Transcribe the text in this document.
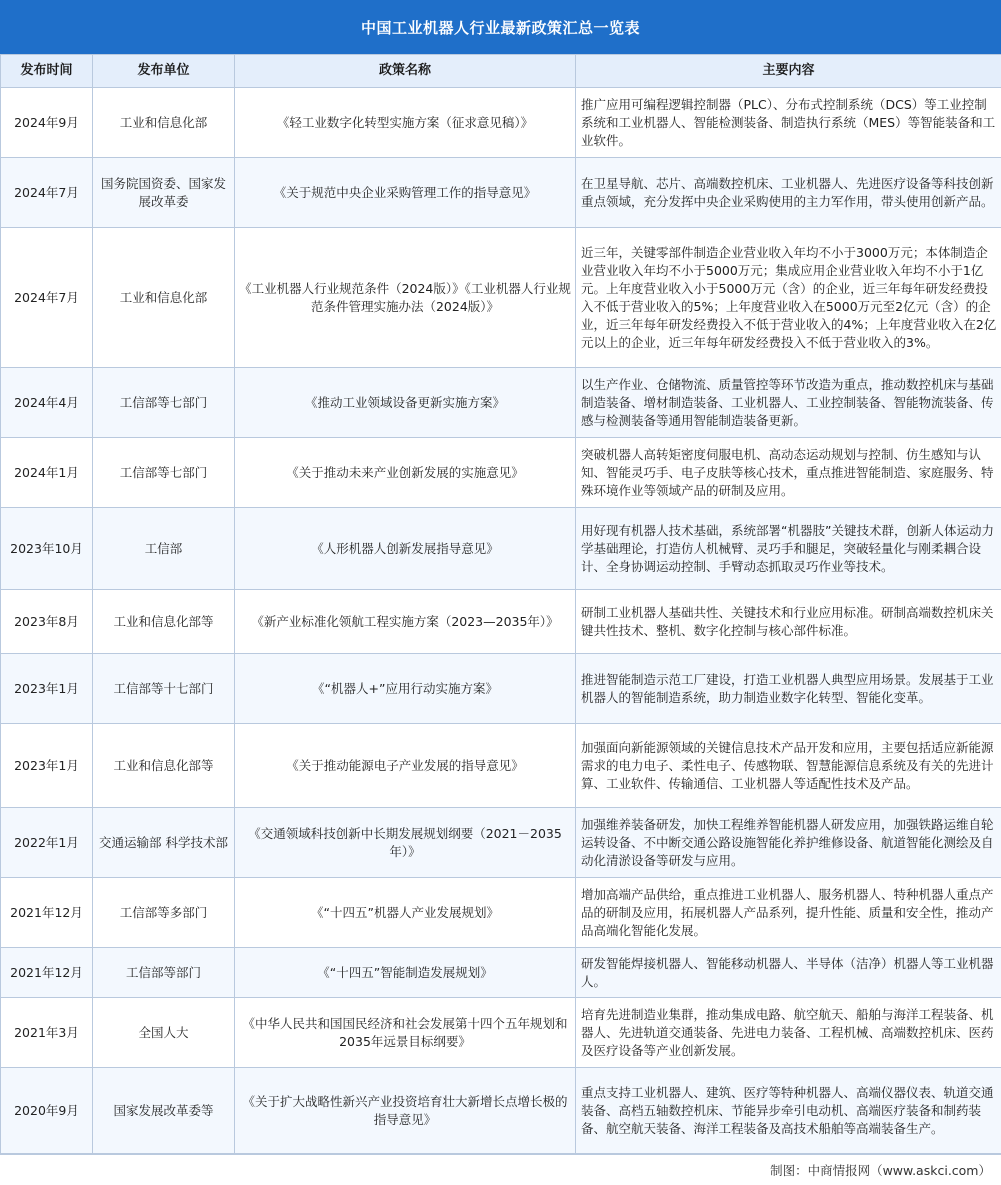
中国工业机器人行业最新政策汇总一览表
发布时间	发布单位	政策名称	主要内容
2024年9月	工业和信息化部	《轻工业数字化转型实施方案（征求意见稿）》	推广应用可编程逻辑控制器（PLC）、分布式控制系统（DCS）等工业控制系统和工业机器人、智能检测装备、制造执行系统（MES）等智能装备和工业软件。
2024年7月	国务院国资委、国家发展改革委	《关于规范中央企业采购管理工作的指导意见》	在卫星导航、芯片、高端数控机床、工业机器人、先进医疗设备等科技创新重点领域，充分发挥中央企业采购使用的主力军作用，带头使用创新产品。
2024年7月	工业和信息化部	《工业机器人行业规范条件（2024版）》《工业机器人行业规范条件管理实施办法（2024版）》	近三年，关键零部件制造企业营业收入年均不小于3000万元；本体制造企业营业收入年均不小于5000万元；集成应用企业营业收入年均不小于1亿元。上年度营业收入小于5000万元（含）的企业，近三年每年研发经费投入不低于营业收入的5%；上年度营业收入在5000万元至2亿元（含）的企业，近三年每年研发经费投入不低于营业收入的4%；上年度营业收入在2亿元以上的企业，近三年每年研发经费投入不低于营业收入的3%。
2024年4月	工信部等七部门	《推动工业领域设备更新实施方案》	以生产作业、仓储物流、质量管控等环节改造为重点，推动数控机床与基础制造装备、增材制造装备、工业机器人、工业控制装备、智能物流装备、传感与检测装备等通用智能制造装备更新。
2024年1月	工信部等七部门	《关于推动未来产业创新发展的实施意见》	突破机器人高转矩密度伺服电机、高动态运动规划与控制、仿生感知与认知、智能灵巧手、电子皮肤等核心技术，重点推进智能制造、家庭服务、特殊环境作业等领域产品的研制及应用。
2023年10月	工信部	《人形机器人创新发展指导意见》	用好现有机器人技术基础，系统部署“机器肢”关键技术群，创新人体运动力学基础理论，打造仿人机械臂、灵巧手和腿足，突破轻量化与刚柔耦合设计、全身协调运动控制、手臂动态抓取灵巧作业等技术。
2023年8月	工业和信息化部等	《新产业标准化领航工程实施方案（2023—2035年）》	研制工业机器人基础共性、关键技术和行业应用标准。研制高端数控机床关键共性技术、整机、数字化控制与核心部件标准。
2023年1月	工信部等十七部门	《“机器人+”应用行动实施方案》	推进智能制造示范工厂建设，打造工业机器人典型应用场景。发展基于工业机器人的智能制造系统，助力制造业数字化转型、智能化变革。
2023年1月	工业和信息化部等	《关于推动能源电子产业发展的指导意见》	加强面向新能源领域的关键信息技术产品开发和应用，主要包括适应新能源需求的电力电子、柔性电子、传感物联、智慧能源信息系统及有关的先进计算、工业软件、传输通信、工业机器人等适配性技术及产品。
2022年1月	交通运输部 科学技术部	《交通领域科技创新中长期发展规划纲要（2021－2035年）》	加强维养装备研发，加快工程维养智能机器人研发应用，加强铁路运维自轮运转设备、不中断交通公路设施智能化养护维修设备、航道智能化测绘及自动化清淤设备等研发与应用。
2021年12月	工信部等多部门	《“十四五”机器人产业发展规划》	增加高端产品供给，重点推进工业机器人、服务机器人、特种机器人重点产品的研制及应用，拓展机器人产品系列，提升性能、质量和安全性，推动产品高端化智能化发展。
2021年12月	工信部等部门	《“十四五”智能制造发展规划》	研发智能焊接机器人、智能移动机器人、半导体（洁净）机器人等工业机器人。
2021年3月	全国人大	《中华人民共和国国民经济和社会发展第十四个五年规划和2035年远景目标纲要》	培育先进制造业集群，推动集成电路、航空航天、船舶与海洋工程装备、机器人、先进轨道交通装备、先进电力装备、工程机械、高端数控机床、医药及医疗设备等产业创新发展。
2020年9月	国家发展改革委等	《关于扩大战略性新兴产业投资培育壮大新增长点增长极的指导意见》	重点支持工业机器人、建筑、医疗等特种机器人、高端仪器仪表、轨道交通装备、高档五轴数控机床、节能异步牵引电动机、高端医疗装备和制药装备、航空航天装备、海洋工程装备及高技术船舶等高端装备生产。
制图：中商情报网（www.askci.com）
